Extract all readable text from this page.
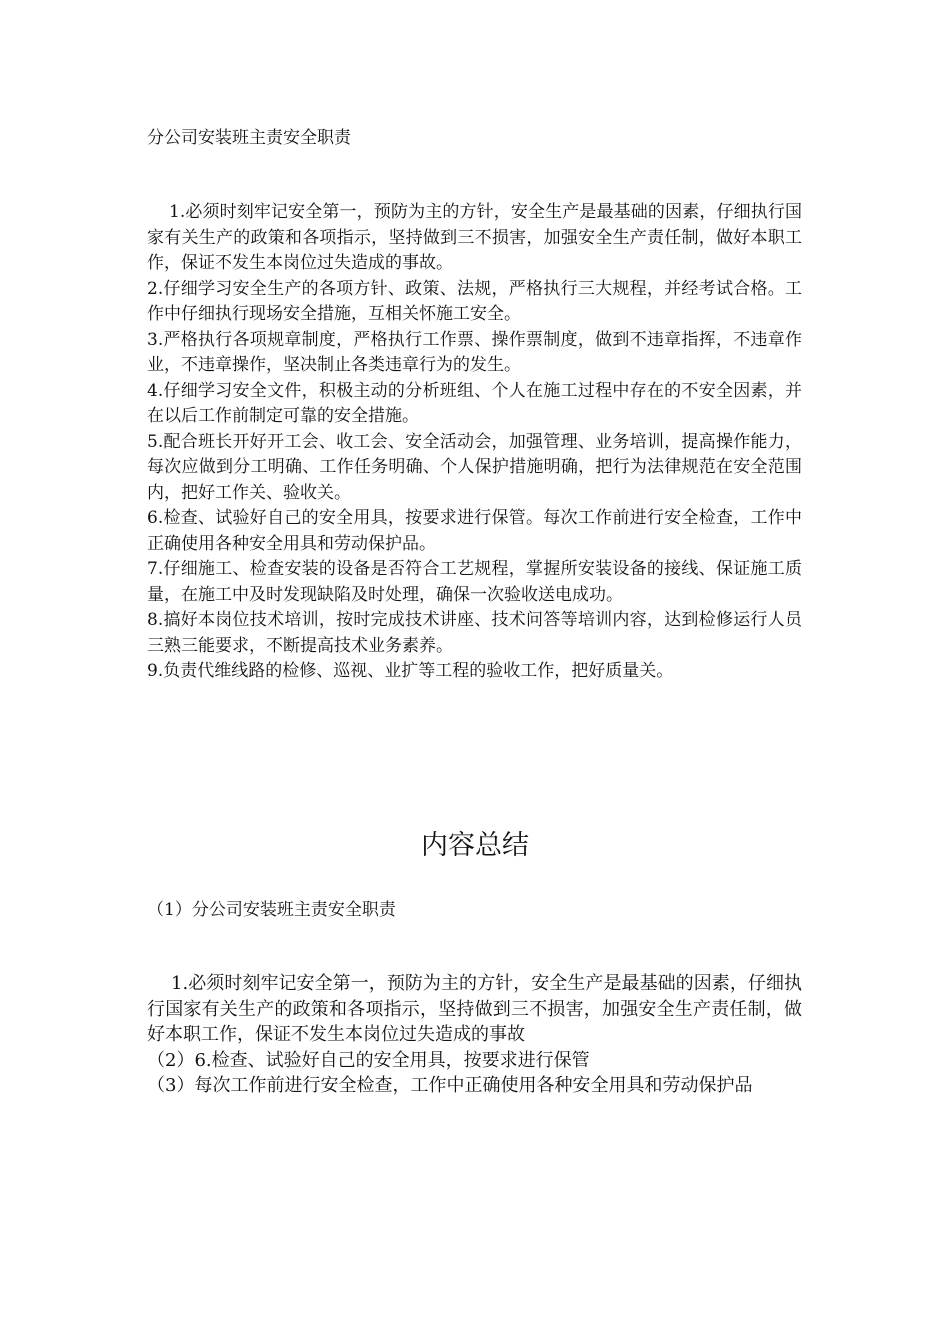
分公司安装班主责安全职责

1.必须时刻牢记安全第一，预防为主的方针，安全生产是最基础的因素，仔细执行国家有关生产的政策和各项指示，坚持做到三不损害，加强安全生产责任制，做好本职工作，保证不发生本岗位过失造成的事故。

2.仔细学习安全生产的各项方针、政策、法规，严格执行三大规程，并经考试合格。工作中仔细执行现场安全措施，互相关怀施工安全。

3.严格执行各项规章制度，严格执行工作票、操作票制度，做到不违章指挥，不违章作业，不违章操作，坚决制止各类违章行为的发生。

4.仔细学习安全文件，积极主动的分析班组、个人在施工过程中存在的不安全因素，并在以后工作前制定可靠的安全措施。

5.配合班长开好开工会、收工会、安全活动会，加强管理、业务培训，提高操作能力，每次应做到分工明确、工作任务明确、个人保护措施明确，把行为法律规范在安全范围内，把好工作关、验收关。

6.检查、试验好自己的安全用具，按要求进行保管。每次工作前进行安全检查，工作中正确使用各种安全用具和劳动保护品。

7.仔细施工、检查安装的设备是否符合工艺规程，掌握所安装设备的接线、保证施工质量，在施工中及时发现缺陷及时处理，确保一次验收送电成功。

8.搞好本岗位技术培训，按时完成技术讲座、技术问答等培训内容，达到检修运行人员三熟三能要求，不断提高技术业务素养。

9.负责代维线路的检修、巡视、业扩等工程的验收工作，把好质量关。

内容总结
（1）分公司安装班主责安全职责

1.必须时刻牢记安全第一，预防为主的方针，安全生产是最基础的因素，仔细执行国家有关生产的政策和各项指示，坚持做到三不损害，加强安全生产责任制，做好本职工作，保证不发生本岗位过失造成的事故

（2）6.检查、试验好自己的安全用具，按要求进行保管

（3）每次工作前进行安全检查，工作中正确使用各种安全用具和劳动保护品
